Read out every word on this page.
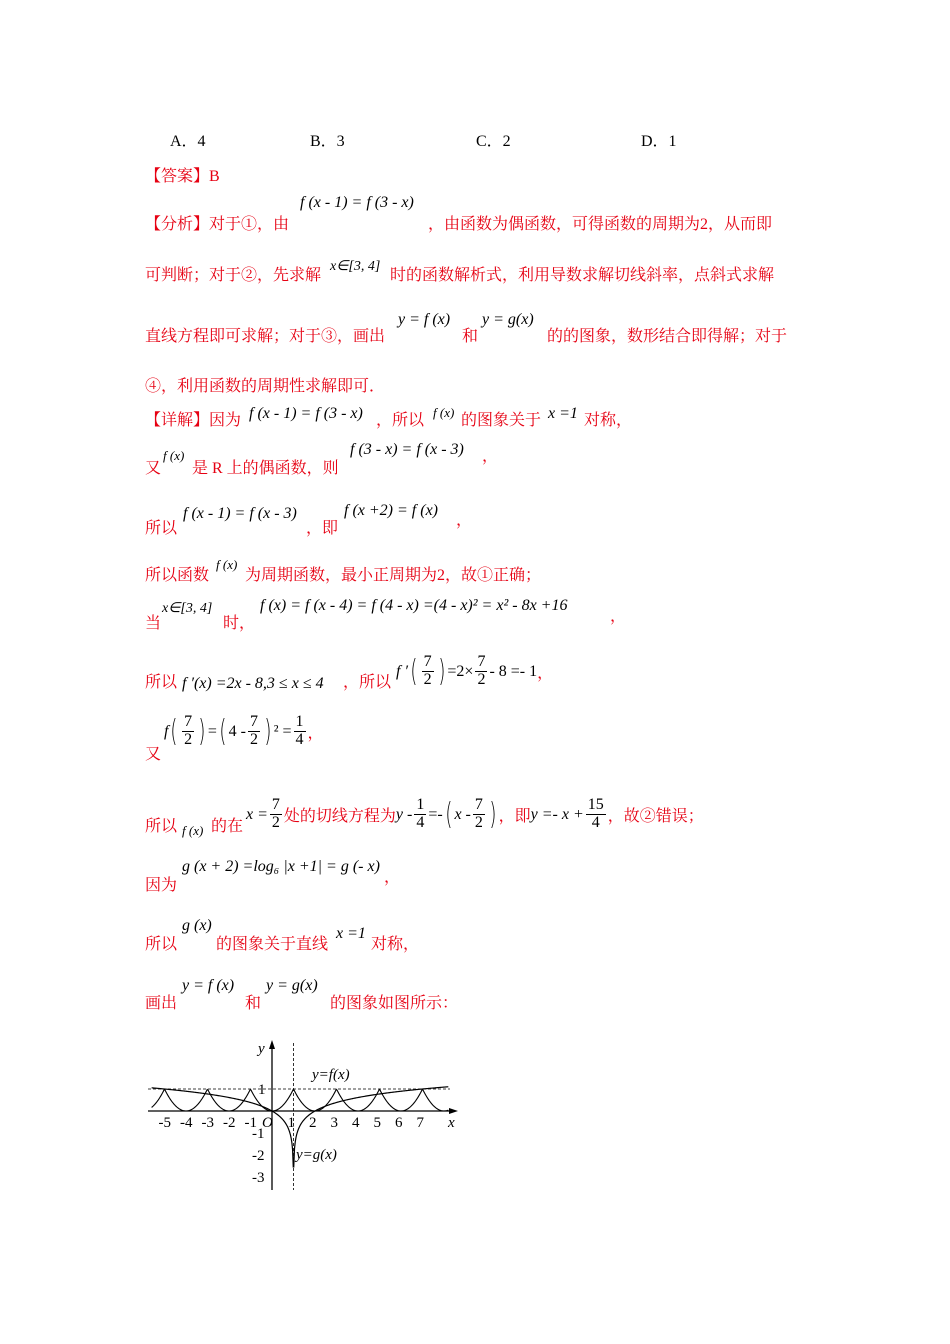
A．4	B．3	C．2	D．1
【答案】B
【分析】对于①，由
f (x - 1) = f (3 - x)
，由函数为偶函数，可得函数的周期为2，从而即
可判断；对于②，先求解
x∈[3, 4]
时的函数解析式，利用导数求解切线斜率，点斜式求解
直线方程即可求解；对于③，画出
y = f (x)
和
y = g(x)
的的图象，数形结合即得解；对于
④，利用函数的周期性求解即可．
【详解】因为 f (x - 1) = f (3 - x) ，所以 f (x) 的图象关于 x =1 对称，
又
f (x)
是 R 上的偶函数，则
f (3 - x) = f (x - 3) ，
所以
f (x - 1) = f (x - 3)
，即
f (x +2) = f (x)
，
所以函数
f (x)
为周期函数，最小正周期为2，故①正确；
当
x∈[3, 4]
时，
f (x) = f (x - 4) = f (4 - x) =(4 - x)² = x² - 8x +16
，
所以 f ′(x) =2x - 8,3 ≤ x ≤ 4 ，所以
f ′ ( $\frac{7}{2}$ ) $=2\times \frac{7}{2} - 8 =- 1$ ，
又
f ( $\frac{7}{2}$ ) = ( $4 - \frac{7}{2}$ ) $^2 = \frac{1}{4}$ ，
所以 f (x) 的在
$x = \frac{7}{2}$ 处的切线方程为 y - $\frac{1}{4}$ =- ( x - $\frac{7}{2}$ ) ，即 $y =- x + \frac{15}{4}$ ，故②错误；
因为
g (x + 2) =log₆ |x +1| = g (- x)
，
所以
g (x)
的图象关于直线
x =1
对称，
画出
y = f (x)
和
y = g(x)
的图象如图所示：
-5 -4 -3 -2 -1 O 1 2 3 4 5 6 7
1
-1
-2
-3
x
y
y=f(x)
y=g(x)
